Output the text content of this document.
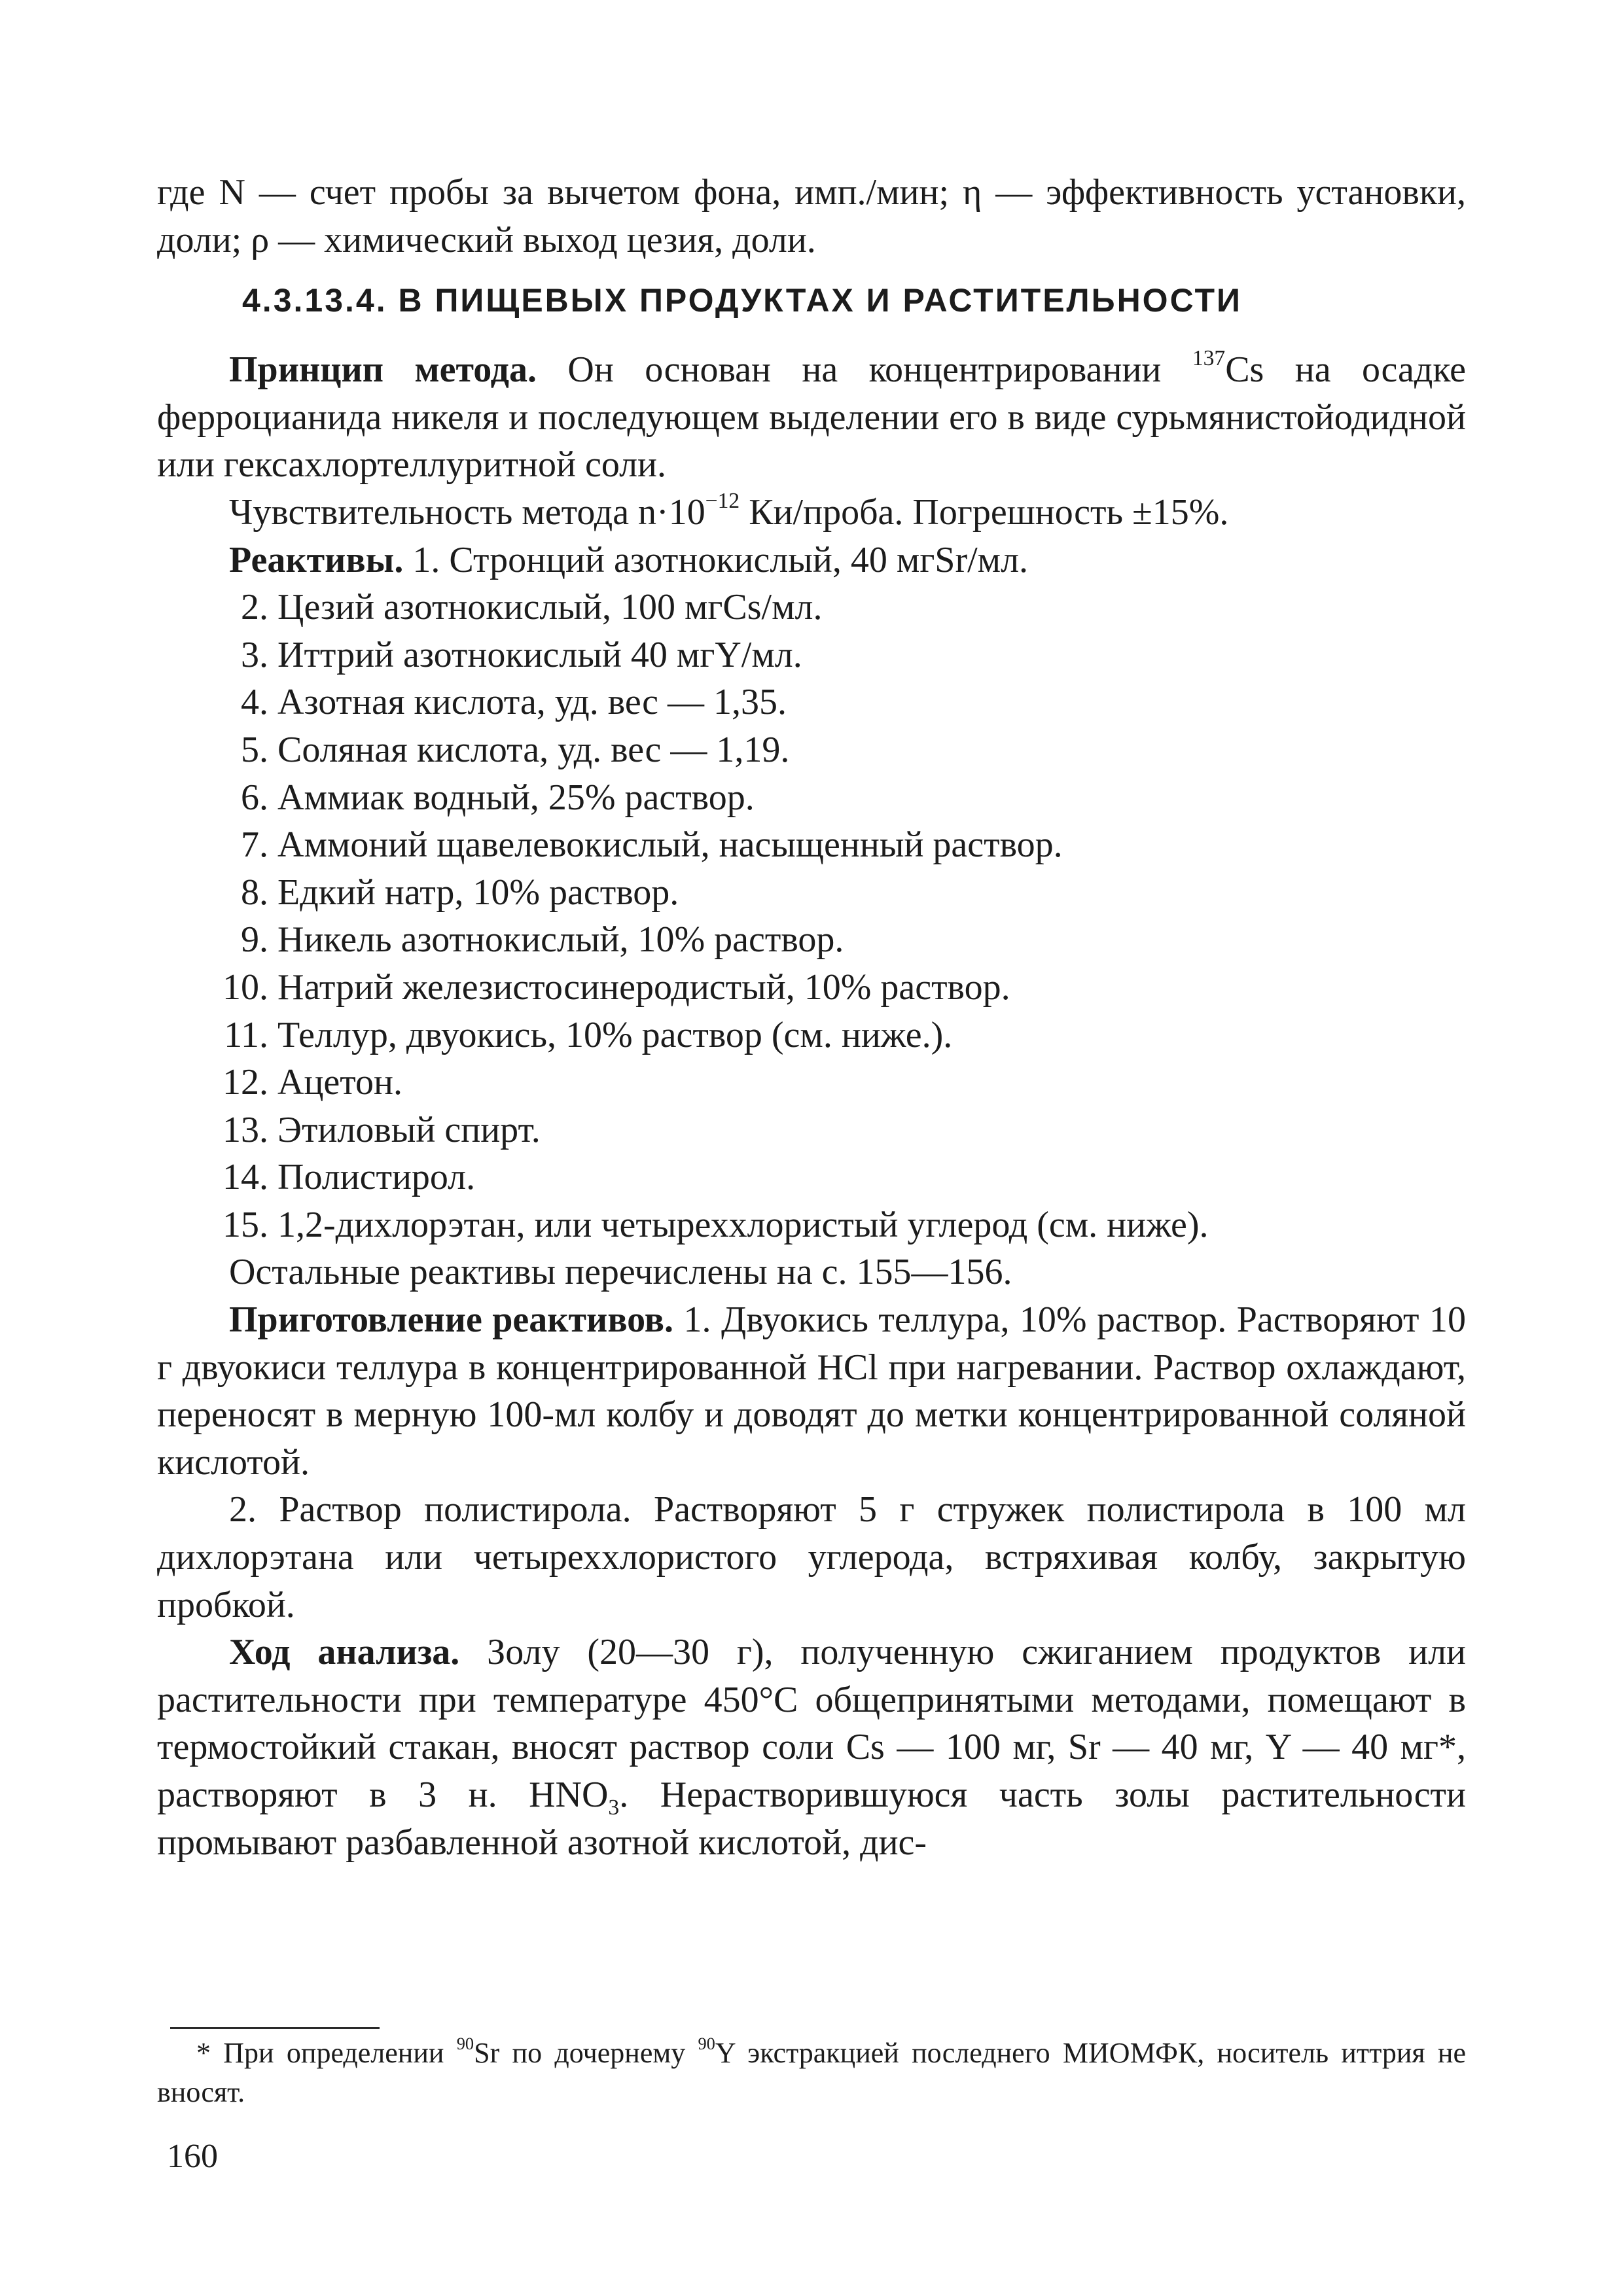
где N — счет пробы за вычетом фона, имп./мин; η — эффективность установки, доли; ρ — химический выход цезия, доли.

4.3.13.4. В ПИЩЕВЫХ ПРОДУКТАХ И РАСТИТЕЛЬНОСТИ

Принцип метода. Он основан на концентрировании $^{137}$Cs на осадке ферроцианида никеля и последующем выделении его в виде сурьмянистойодидной или гексахлортеллуритной соли.

Чувствительность метода $n\cdot 10^{-12}$ Ки/проба. Погрешность ±15%.

Реактивы. 1. Стронций азотнокислый, 40 мгSr/мл.

2. Цезий азотнокислый, 100 мгCs/мл.
3. Иттрий азотнокислый 40 мгY/мл.
4. Азотная кислота, уд. вес — 1,35.
5. Соляная кислота, уд. вес — 1,19.
6. Аммиак водный, 25% раствор.
7. Аммоний щавелевокислый, насыщенный раствор.
8. Едкий натр, 10% раствор.
9. Никель азотнокислый, 10% раствор.
10. Натрий железистосинеродистый, 10% раствор.
11. Теллур, двуокись, 10% раствор (см. ниже.).
12. Ацетон.
13. Этиловый спирт.
14. Полистирол.
15. 1,2-дихлорэтан, или четыреххлористый углерод (см. ниже).

Остальные реактивы перечислены на с. 155—156.

Приготовление реактивов. 1. Двуокись теллура, 10% раствор. Растворяют 10 г двуокиси теллура в концентрированной HCl при нагревании. Раствор охлаждают, переносят в мерную 100-мл колбу и доводят до метки концентрированной соляной кислотой.

2. Раствор полистирола. Растворяют 5 г стружек полистирола в 100 мл дихлорэтана или четыреххлористого углерода, встряхивая колбу, закрытую пробкой.

Ход анализа. Золу (20—30 г), полученную сжиганием продуктов или растительности при температуре 450°С общепринятыми методами, помещают в термостойкий стакан, вносят раствор соли Cs — 100 мг, Sr — 40 мг, Y — 40 мг*, растворяют в 3 н. $HNO_3$. Нерастворившуюся часть золы растительности промывают разбавленной азотной кислотой, дис-

* При определении $^{90}$Sr по дочернему $^{90}$Y экстракцией последнего МИОМФК, носитель иттрия не вносят.

160
